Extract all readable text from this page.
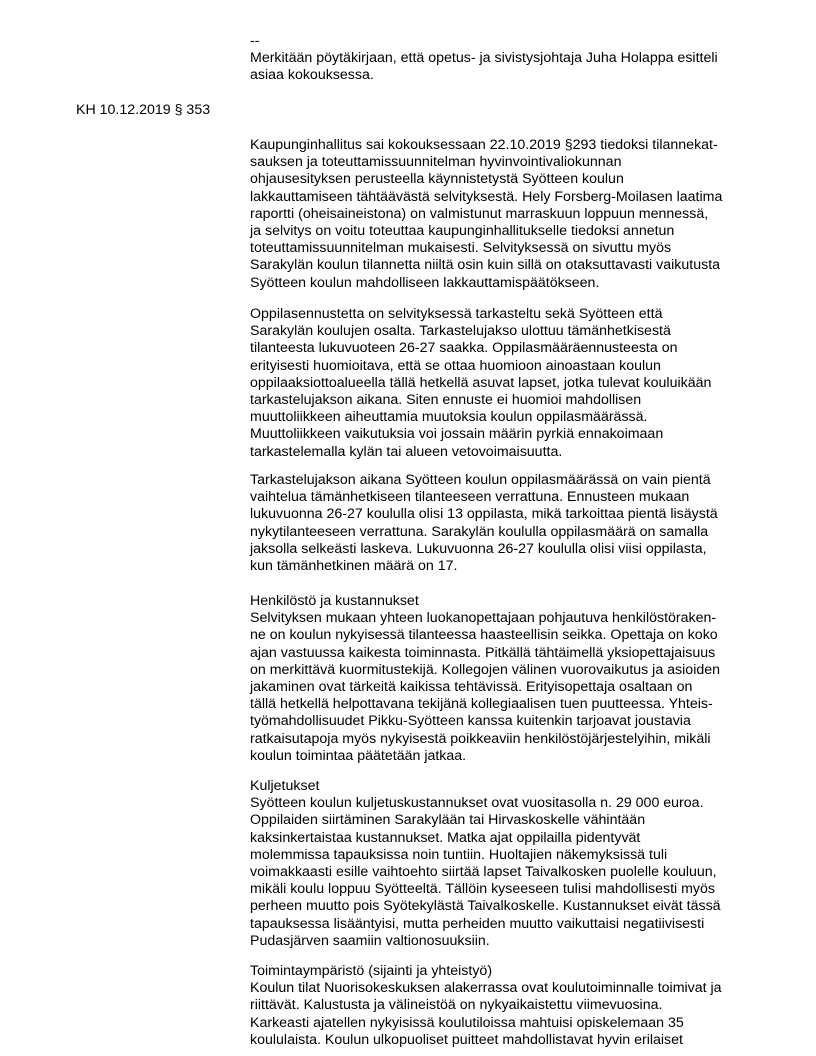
--
Merkitään pöytäkirjaan, että opetus- ja sivistysjohtaja Juha Holappa esitteli
asiaa kokouksessa.
KH 10.12.2019 § 353
Kaupunginhallitus sai kokouksessaan 22.10.2019 §293 tiedoksi tilannekat-
sauksen ja toteuttamissuunnitelman hyvinvointivaliokunnan
ohjausesityksen perusteella käynnistetystä Syötteen koulun
lakkauttamiseen tähtäävästä selvityksestä. Hely Forsberg-Moilasen laatima
raportti (oheisaineistona) on valmistunut marraskuun loppuun mennessä,
ja selvitys on voitu toteuttaa kaupunginhallitukselle tiedoksi annetun
toteuttamissuunnitelman mukaisesti. Selvityksessä on sivuttu myös
Sarakylän koulun tilannetta niiltä osin kuin sillä on otaksuttavasti vaikutusta
Syötteen koulun mahdolliseen lakkauttamispäätökseen.
Oppilasennustetta on selvityksessä tarkasteltu sekä Syötteen että
Sarakylän koulujen osalta. Tarkastelujakso ulottuu tämänhetkisestä
tilanteesta lukuvuoteen 26-27 saakka. Oppilasmääräennusteesta on
erityisesti huomioitava, että se ottaa huomioon ainoastaan koulun
oppilaaksiottoalueella tällä hetkellä asuvat lapset, jotka tulevat kouluikään
tarkastelujakson aikana. Siten ennuste ei huomioi mahdollisen
muuttoliikkeen aiheuttamia muutoksia koulun oppilasmäärässä.
Muuttoliikkeen vaikutuksia voi jossain määrin pyrkiä ennakoimaan
tarkastelemalla kylän tai alueen vetovoimaisuutta.
Tarkastelujakson aikana Syötteen koulun oppilasmäärässä on vain pientä
vaihtelua tämänhetkiseen tilanteeseen verrattuna. Ennusteen mukaan
lukuvuonna 26-27 koululla olisi 13 oppilasta, mikä tarkoittaa pientä lisäystä
nykytilanteeseen verrattuna. Sarakylän koululla oppilasmäärä on samalla
jaksolla selkeästi laskeva. Lukuvuonna 26-27 koululla olisi viisi oppilasta,
kun tämänhetkinen määrä on 17.
Henkilöstö ja kustannukset
Selvityksen mukaan yhteen luokanopettajaan pohjautuva henkilöstöraken-
ne on koulun nykyisessä tilanteessa haasteellisin seikka. Opettaja on koko
ajan vastuussa kaikesta toiminnasta. Pitkällä tähtäimellä yksiopettajaisuus
on merkittävä kuormitustekijä. Kollegojen välinen vuorovaikutus ja asioiden
jakaminen ovat tärkeitä kaikissa tehtävissä. Erityisopettaja osaltaan on
tällä hetkellä helpottavana tekijänä kollegiaalisen tuen puutteessa. Yhteis-
työmahdollisuudet Pikku-Syötteen kanssa kuitenkin tarjoavat joustavia
ratkaisutapoja myös nykyisestä poikkeaviin henkilöstöjärjestelyihin, mikäli
koulun toimintaa päätetään jatkaa.
Kuljetukset
Syötteen koulun kuljetuskustannukset ovat vuositasolla n. 29 000 euroa.
Oppilaiden siirtäminen Sarakylään tai Hirvaskoskelle vähintään
kaksinkertaistaa kustannukset. Matka ajat oppilailla pidentyvät
molemmissa tapauksissa noin tuntiin. Huoltajien näkemyksissä tuli
voimakkaasti esille vaihtoehto siirtää lapset Taivalkosken puolelle kouluun,
mikäli koulu loppuu Syötteeltä. Tällöin kyseeseen tulisi mahdollisesti myös
perheen muutto pois Syötekylästä Taivalkoskelle. Kustannukset eivät tässä
tapauksessa lisääntyisi, mutta perheiden muutto vaikuttaisi negatiivisesti
Pudasjärven saamiin valtionosuuksiin.
Toimintaympäristö (sijainti ja yhteistyö)
Koulun tilat Nuorisokeskuksen alakerrassa ovat koulutoiminnalle toimivat ja
riittävät. Kalustusta ja välineistöä on nykyaikaistettu viimevuosina.
Karkeasti ajatellen nykyisissä koulutiloissa mahtuisi opiskelemaan 35
koululaista. Koulun ulkopuoliset puitteet mahdollistavat hyvin erilaiset
